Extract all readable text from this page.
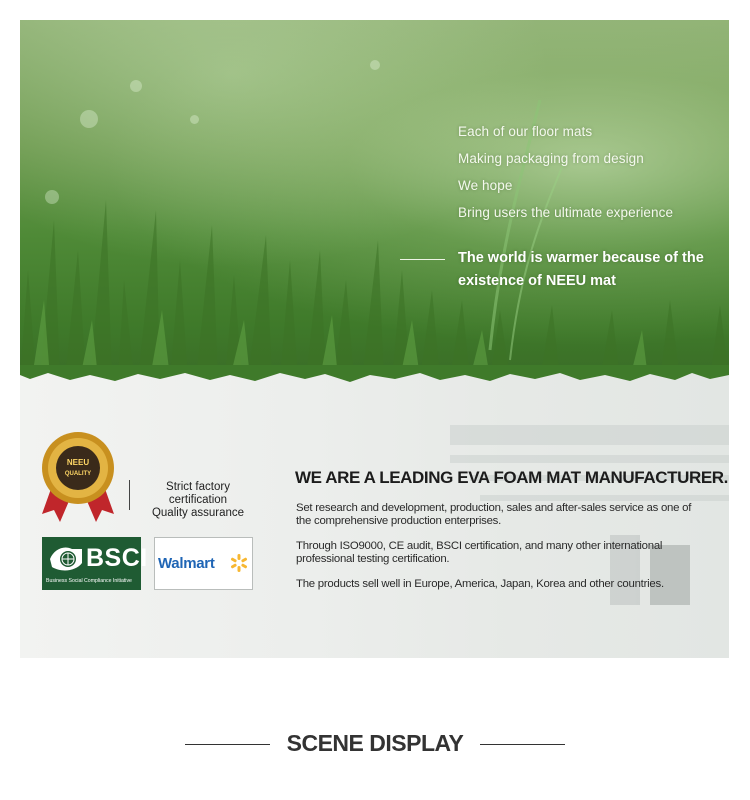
Each of our floor mats
Making packaging from design
We hope
Bring users the ultimate experience
The world is warmer because of the existence of NEEU mat
NEEU
QUALITY
Strict factory certification
Quality assurance
BSCI
Business Social Compliance Initiative
Walmart
WE ARE A LEADING EVA FOAM MAT MANUFACTURER.
Set research and development, production, sales and after-sales service as one of
the comprehensive production enterprises.
Through ISO9000, CE audit, BSCI certification, and many other international
professional testing certification.
The products sell well in Europe, America, Japan, Korea and other countries.
SCENE DISPLAY
